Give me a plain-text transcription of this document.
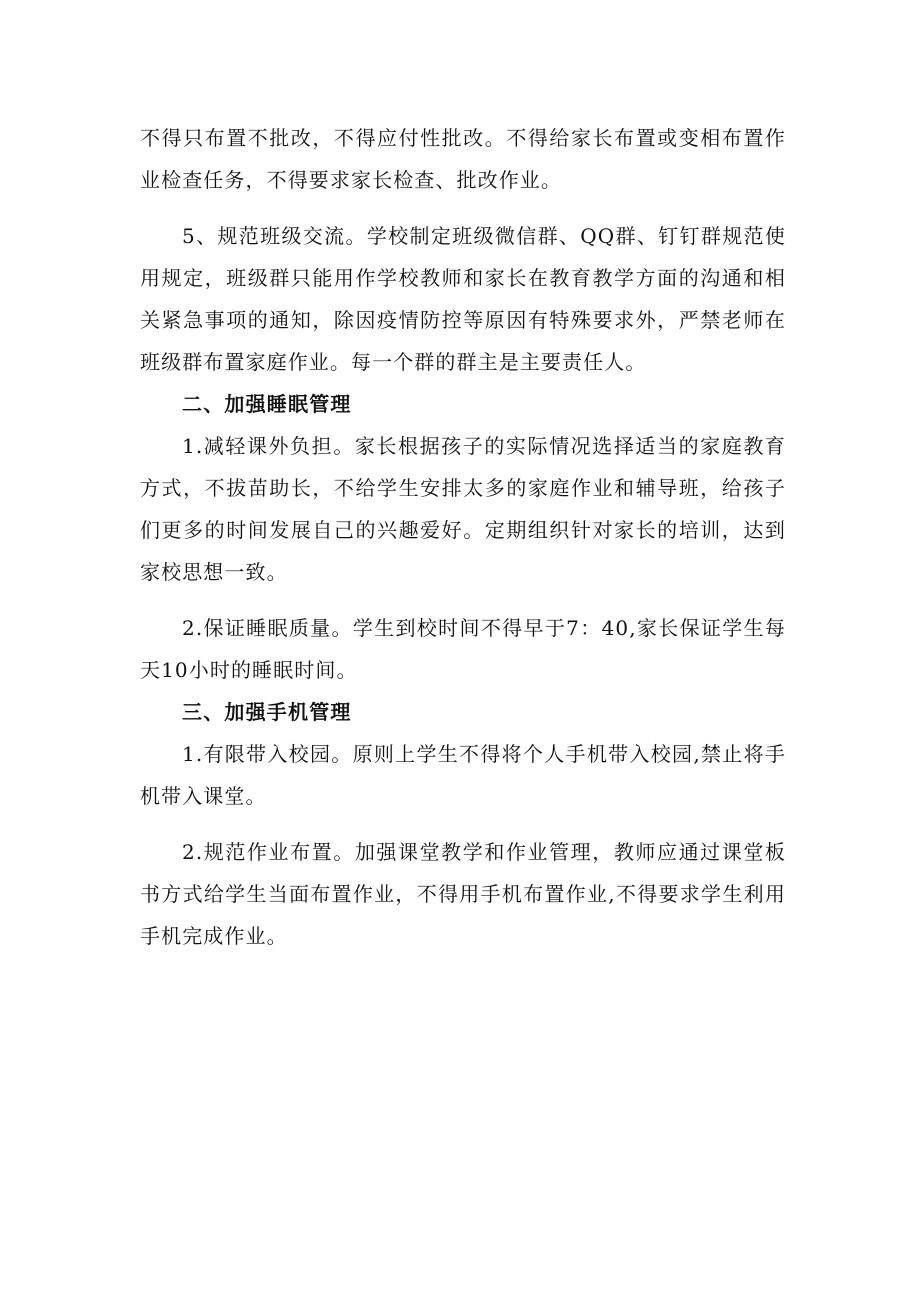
不得只布置不批改，不得应付性批改。不得给家长布置或变相布置作业检查任务，不得要求家长检查、批改作业。

5、规范班级交流。学校制定班级微信群、QQ群、钉钉群规范使用规定，班级群只能用作学校教师和家长在教育教学方面的沟通和相关紧急事项的通知，除因疫情防控等原因有特殊要求外，严禁老师在班级群布置家庭作业。每一个群的群主是主要责任人。

二、加强睡眠管理

1.减轻课外负担。家长根据孩子的实际情况选择适当的家庭教育方式，不拔苗助长，不给学生安排太多的家庭作业和辅导班，给孩子们更多的时间发展自己的兴趣爱好。定期组织针对家长的培训，达到家校思想一致。

2.保证睡眠质量。学生到校时间不得早于7：40,家长保证学生每天10小时的睡眠时间。

三、加强手机管理

1.有限带入校园。原则上学生不得将个人手机带入校园,禁止将手机带入课堂。

2.规范作业布置。加强课堂教学和作业管理，教师应通过课堂板书方式给学生当面布置作业，不得用手机布置作业,不得要求学生利用手机完成作业。
